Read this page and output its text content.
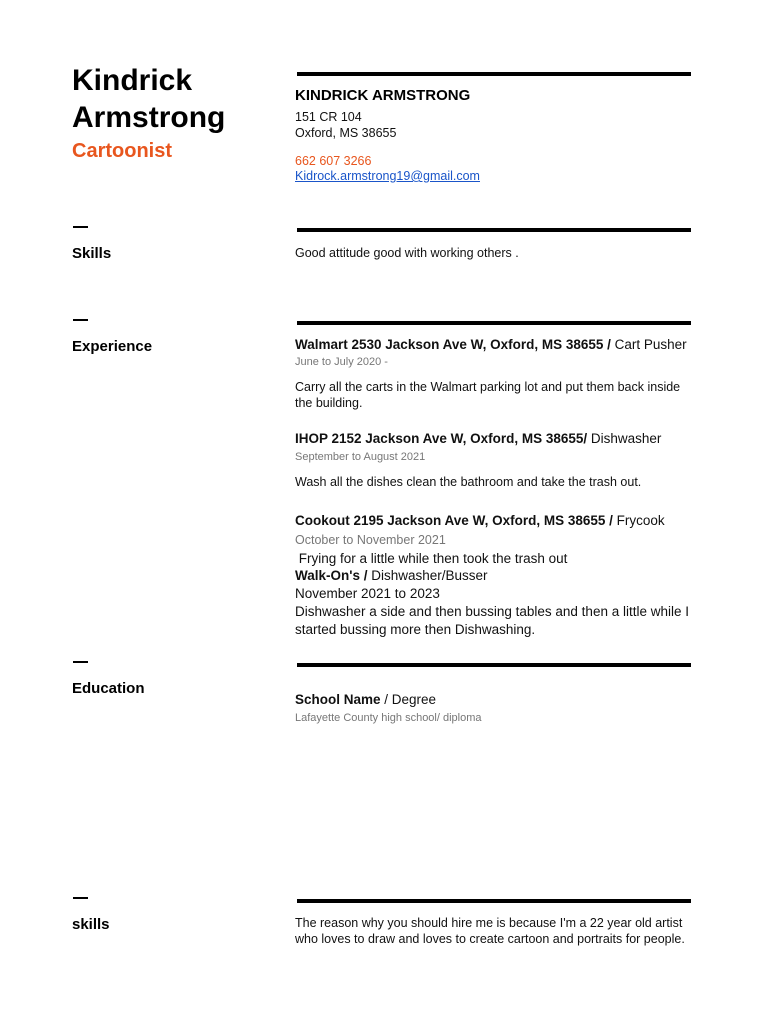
Kindrick
Armstrong
Cartoonist
KINDRICK ARMSTRONG
151 CR 104
Oxford, MS 38655
662 607 3266
Kidrock.armstrong19@gmail.com
Skills	Good attitude good with working others .
Experience	Walmart 2530 Jackson Ave W, Oxford, MS 38655 / Cart Pusher
June to July 2020 -
Carry all the carts in the Walmart parking lot and put them back inside
the building.
IHOP 2152 Jackson Ave W, Oxford, MS 38655/ Dishwasher
September to August 2021
Wash all the dishes clean the bathroom and take the trash out.
Cookout 2195 Jackson Ave W, Oxford, MS 38655 / Frycook
October to November 2021
Frying for a little while then took the trash out
Walk-On's / Dishwasher/Busser
November 2021 to 2023
Dishwasher a side and then bussing tables and then a little while I
started bussing more then Dishwashing.
Education
School Name / Degree
Lafayette County high school/ diploma
skills	The reason why you should hire me is because I'm a 22 year old artist
who loves to draw and loves to create cartoon and portraits for people.
